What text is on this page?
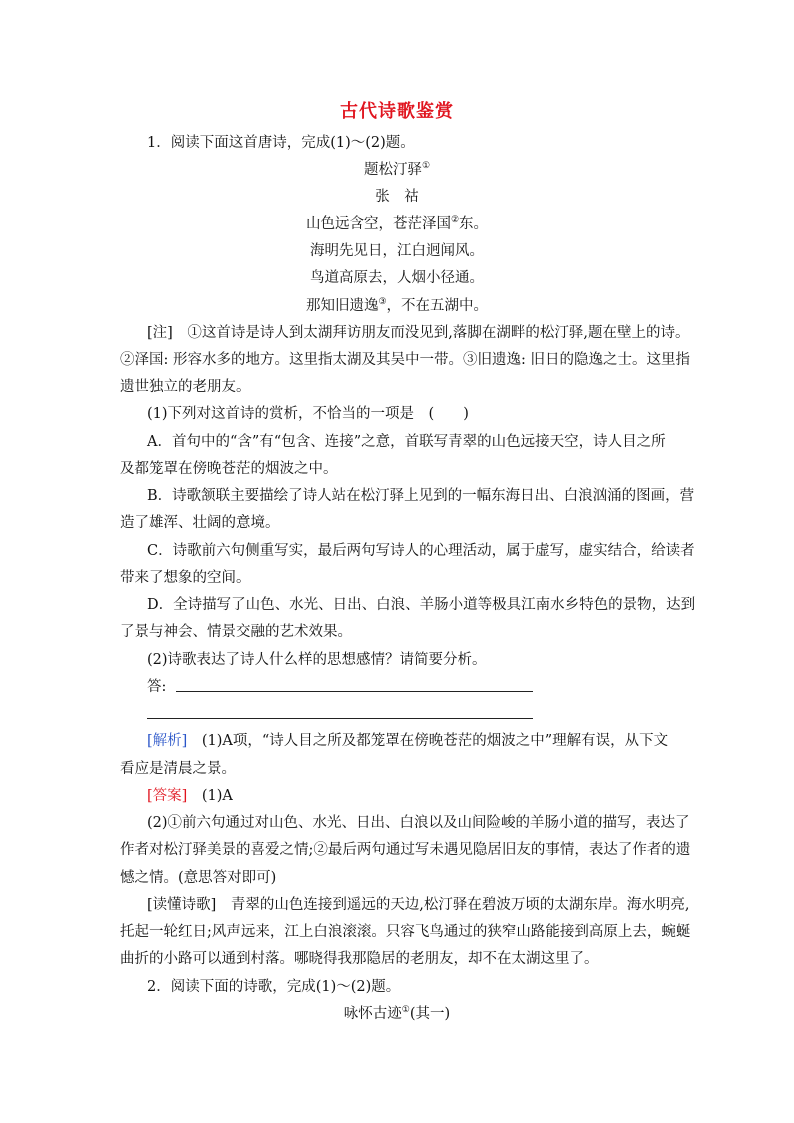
古代诗歌鉴赏
1．阅读下面这首唐诗，完成(1)～(2)题。
题松汀驿①
张　祜
山色远含空，苍茫泽国②东。
海明先见日，江白迥闻风。
鸟道高原去，人烟小径通。
那知旧遗逸③，不在五湖中。
[注]　①这首诗是诗人到太湖拜访朋友而没见到,落脚在湖畔的松汀驿,题在壁上的诗。
②泽国: 形容水多的地方。这里指太湖及其吴中一带。③旧遗逸: 旧日的隐逸之士。这里指
遗世独立的老朋友。
(1)下列对这首诗的赏析，不恰当的一项是　(　　)
A．首句中的“含”有“包含、连接”之意，首联写青翠的山色远接天空，诗人目之所
及都笼罩在傍晚苍茫的烟波之中。
B．诗歌颔联主要描绘了诗人站在松汀驿上见到的一幅东海日出、白浪汹涌的图画，营
造了雄浑、壮阔的意境。
C．诗歌前六句侧重写实，最后两句写诗人的心理活动，属于虚写，虚实结合，给读者
带来了想象的空间。
D．全诗描写了山色、水光、日出、白浪、羊肠小道等极具江南水乡特色的景物，达到
了景与神会、情景交融的艺术效果。
(2)诗歌表达了诗人什么样的思想感情？请简要分析。
答:
[解析]　(1)A项，“诗人目之所及都笼罩在傍晚苍茫的烟波之中”理解有误，从下文
看应是清晨之景。
[答案]　(1)A
(2)①前六句通过对山色、水光、日出、白浪以及山间险峻的羊肠小道的描写，表达了
作者对松汀驿美景的喜爱之情;②最后两句通过写未遇见隐居旧友的事情，表达了作者的遗
憾之情。(意思答对即可)
[读懂诗歌]　青翠的山色连接到遥远的天边,松汀驿在碧波万顷的太湖东岸。海水明亮,
托起一轮红日;风声远来，江上白浪滚滚。只容飞鸟通过的狭窄山路能接到高原上去，蜿蜒
曲折的小路可以通到村落。哪晓得我那隐居的老朋友，却不在太湖这里了。
2．阅读下面的诗歌，完成(1)～(2)题。
咏怀古迹①(其一)
